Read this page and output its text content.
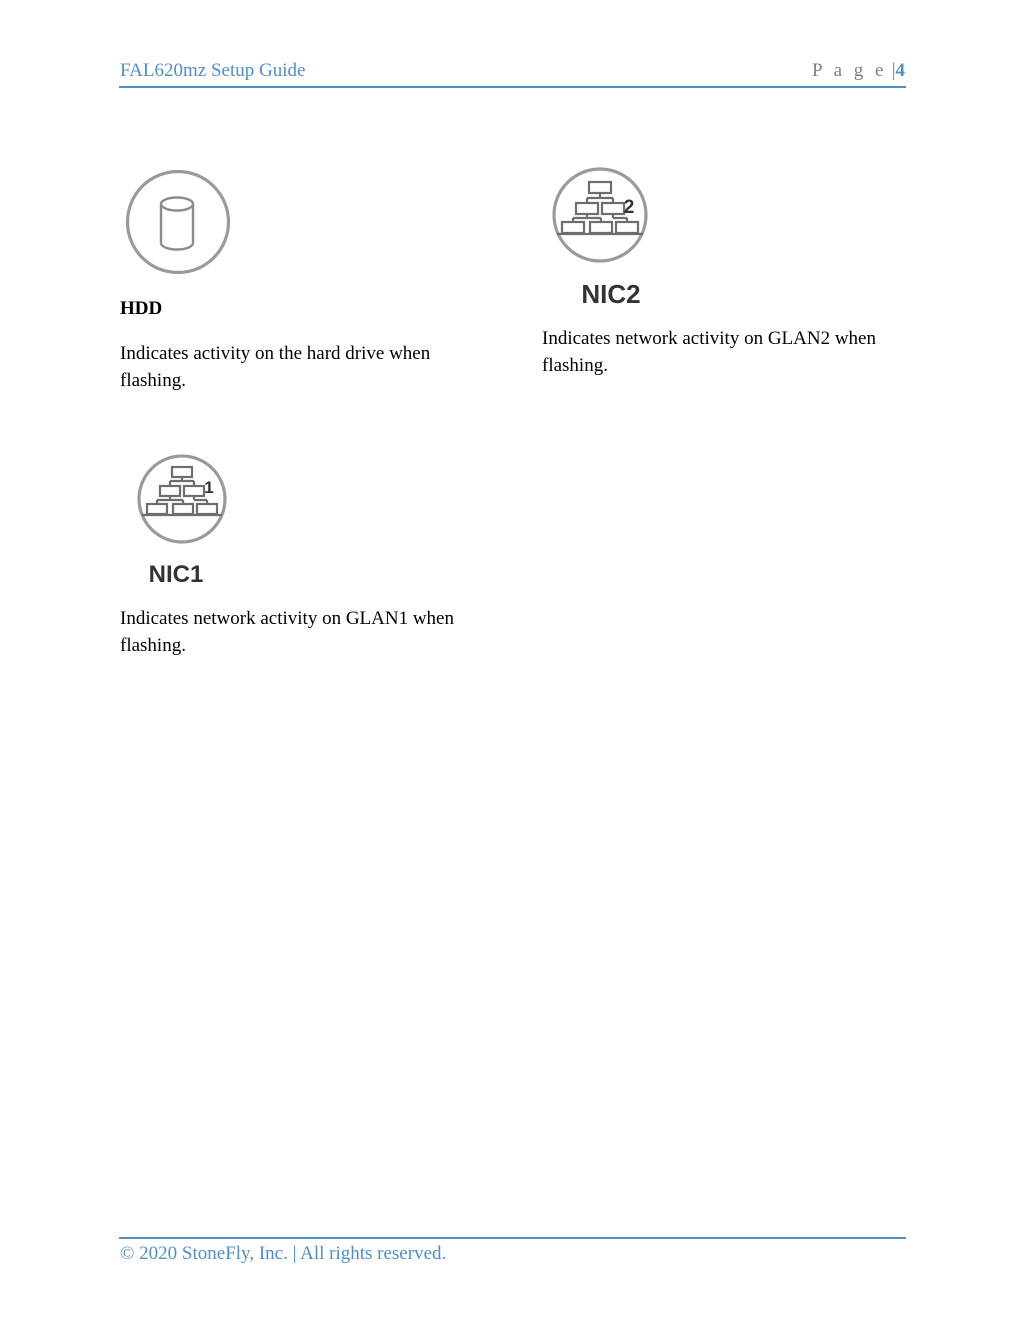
FAL620mz Setup Guide	P a g e |4
HDD
Indicates activity on the hard drive when flashing.
2
NIC2
Indicates network activity on GLAN2 when flashing.
1
NIC1
Indicates network activity on GLAN1 when flashing.
© 2020 StoneFly, Inc. | All rights reserved.
